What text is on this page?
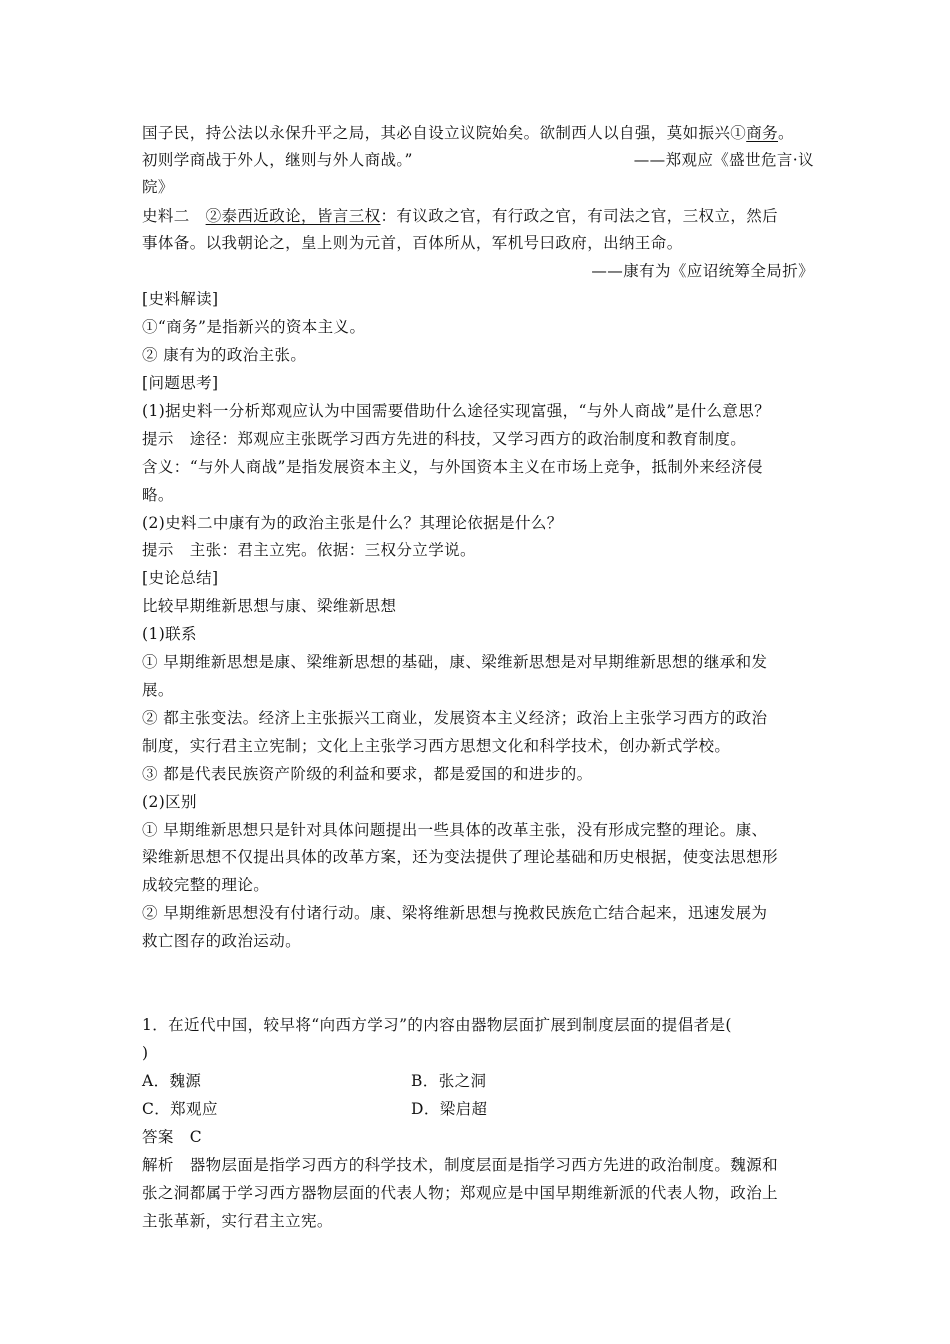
国子民，持公法以永保升平之局，其必自设立议院始矣。欲制西人以自强，莫如振兴①商务。
初则学商战于外人，继则与外人商战。”	——郑观应《盛世危言·议
院》
史料二　②泰西近政论，皆言三权：有议政之官，有行政之官，有司法之官，三权立，然后
事体备。以我朝论之，皇上则为元首，百体所从，军机号曰政府，出纳王命。
——康有为《应诏统筹全局折》
[史料解读]
①“商务”是指新兴的资本主义。
② 康有为的政治主张。
[问题思考]
(1)据史料一分析郑观应认为中国需要借助什么途径实现富强，“与外人商战”是什么意思？
提示　途径：郑观应主张既学习西方先进的科技，又学习西方的政治制度和教育制度。
含义：“与外人商战”是指发展资本主义，与外国资本主义在市场上竞争，抵制外来经济侵
略。
(2)史料二中康有为的政治主张是什么？其理论依据是什么？
提示　主张：君主立宪。依据：三权分立学说。
[史论总结]
比较早期维新思想与康、梁维新思想
(1)联系
① 早期维新思想是康、梁维新思想的基础，康、梁维新思想是对早期维新思想的继承和发
展。
② 都主张变法。经济上主张振兴工商业，发展资本主义经济；政治上主张学习西方的政治
制度，实行君主立宪制；文化上主张学习西方思想文化和科学技术，创办新式学校。
③ 都是代表民族资产阶级的利益和要求，都是爱国的和进步的。
(2)区别
① 早期维新思想只是针对具体问题提出一些具体的改革主张，没有形成完整的理论。康、
梁维新思想不仅提出具体的改革方案，还为变法提供了理论基础和历史根据，使变法思想形
成较完整的理论。
② 早期维新思想没有付诸行动。康、梁将维新思想与挽救民族危亡结合起来，迅速发展为
救亡图存的政治运动。
1．在近代中国，较早将“向西方学习”的内容由器物层面扩展到制度层面的提倡者是(
)
A．魏源	B．张之洞
C．郑观应	D．梁启超
答案　C
解析　器物层面是指学习西方的科学技术，制度层面是指学习西方先进的政治制度。魏源和
张之洞都属于学习西方器物层面的代表人物；郑观应是中国早期维新派的代表人物，政治上
主张革新，实行君主立宪。
